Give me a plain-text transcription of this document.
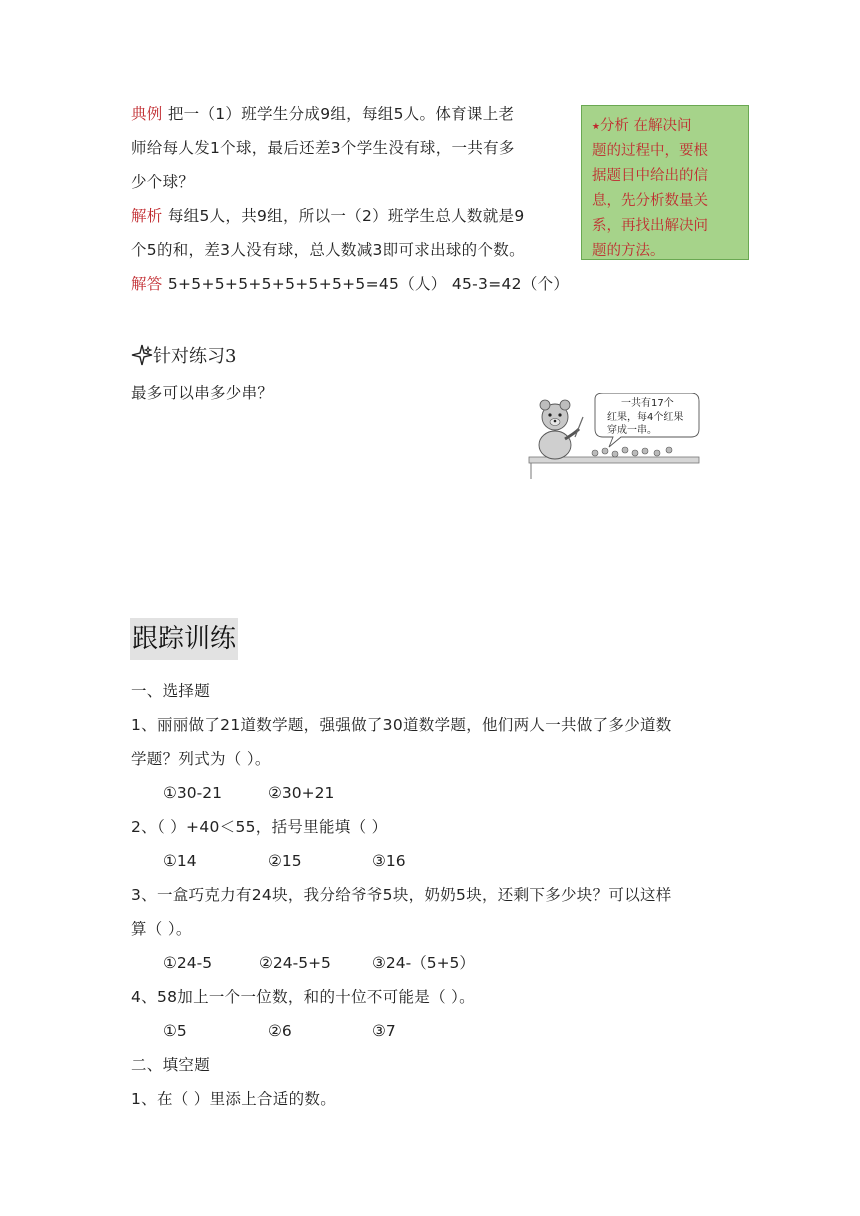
典例 把一（1）班学生分成9组，每组5人。体育课上老
师给每人发1个球，最后还差3个学生没有球，一共有多
少个球？
解析 每组5人，共9组，所以一（2）班学生总人数就是9
个5的和，差3人没有球，总人数减3即可求出球的个数。
解答 5+5+5+5+5+5+5+5+5=45（人） 45-3=42（个）
⭑分析 在解决问
题的过程中，要根
据题目中给出的信
息，先分析数量关
系，再找出解决问
题的方法。
针对练习3
最多可以串多少串？
一共有17个
红果，每4个红果
穿成一串。
跟踪训练
一、选择题
1、丽丽做了21道数学题，强强做了30道数学题，他们两人一共做了多少道数
学题？列式为（ ）。
①30-21	②30+21
2、（ ）+40＜55，括号里能填（ ）
①14	②15	③16
3、一盒巧克力有24块，我分给爷爷5块，奶奶5块，还剩下多少块？可以这样
算（ ）。
①24-5	②24-5+5	③24-（5+5）
4、58加上一个一位数，和的十位不可能是（ ）。
①5	②6	③7
二、填空题
1、在（ ）里添上合适的数。
